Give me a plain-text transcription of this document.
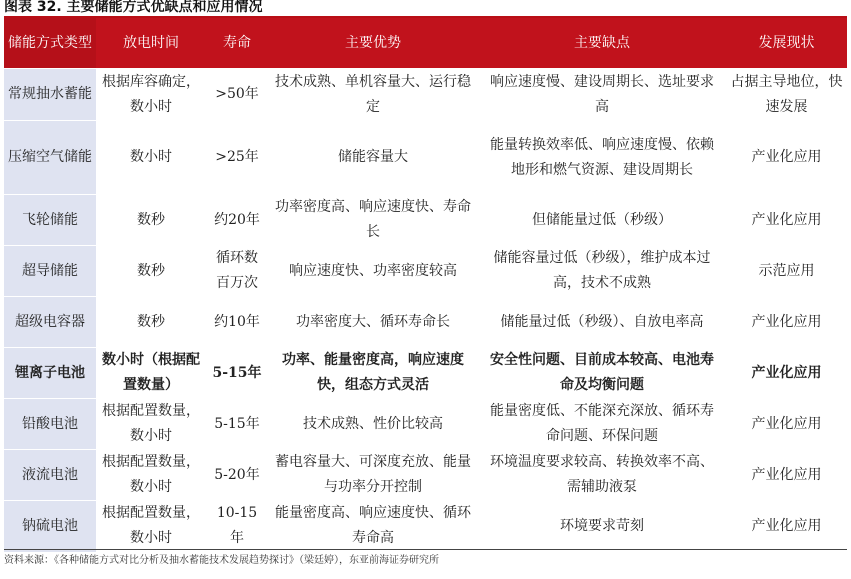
图表 32. 主要储能方式优缺点和应用情况
储能方式类型	放电时间	寿命	主要优势	主要缺点	发展现状
常规抽水蓄能	根据库容确定，数小时	>50年	技术成熟、单机容量大、运行稳定	响应速度慢、建设周期长、选址要求高	占据主导地位，快速发展
压缩空气储能	数小时	>25年	储能容量大	能量转换效率低、响应速度慢、依赖地形和燃气资源、建设周期长	产业化应用
飞轮储能	数秒	约20年	功率密度高、响应速度快、寿命长	但储能量过低（秒级）	产业化应用
超导储能	数秒	循环数百万次	响应速度快、功率密度较高	储能容量过低（秒级），维护成本过高，技术不成熟	示范应用
超级电容器	数秒	约10年	功率密度大、循环寿命长	储能量过低（秒级）、自放电率高	产业化应用
锂离子电池	数小时（根据配置数量）	5-15年	功率、能量密度高，响应速度快，组态方式灵活	安全性问题、目前成本较高、电池寿命及均衡问题	产业化应用
铅酸电池	根据配置数量，数小时	5-15年	技术成熟、性价比较高	能量密度低、不能深充深放、循环寿命问题、环保问题	产业化应用
液流电池	根据配置数量，数小时	5-20年	蓄电容量大、可深度充放、能量与功率分开控制	环境温度要求较高、转换效率不高、需辅助液泵	产业化应用
钠硫电池	根据配置数量，数小时	10-15年	能量密度高、响应速度快、循环寿命高	环境要求苛刻	产业化应用
资料来源：《各种储能方式对比分析及抽水蓄能技术发展趋势探讨》（梁廷婷），东亚前海证券研究所
